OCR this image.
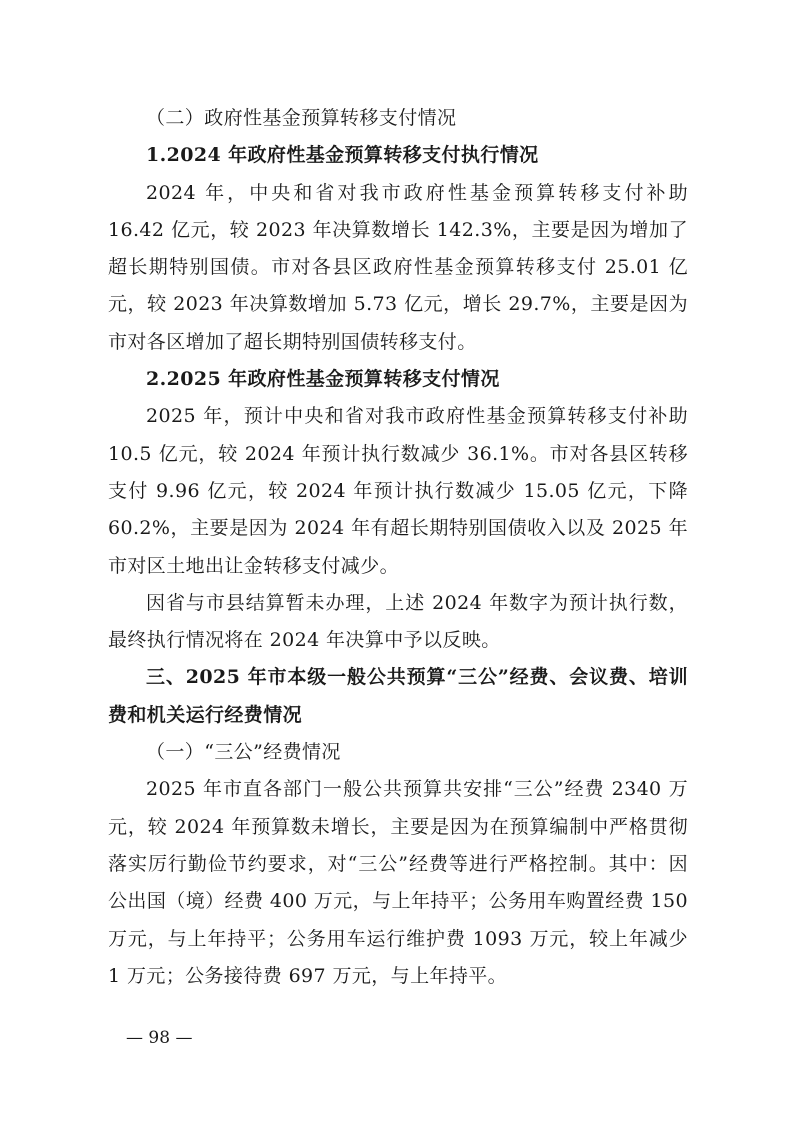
（二）政府性基金预算转移支付情况

1.2024 年政府性基金预算转移支付执行情况

2024 年，中央和省对我市政府性基金预算转移支付补助 16.42 亿元，较 2023 年决算数增长 142.3%，主要是因为增加了超长期特别国债。市对各县区政府性基金预算转移支付 25.01 亿元，较 2023 年决算数增加 5.73 亿元，增长 29.7%，主要是因为市对各区增加了超长期特别国债转移支付。

2.2025 年政府性基金预算转移支付情况

2025 年，预计中央和省对我市政府性基金预算转移支付补助 10.5 亿元，较 2024 年预计执行数减少 36.1%。市对各县区转移支付 9.96 亿元，较 2024 年预计执行数减少 15.05 亿元，下降 60.2%，主要是因为 2024 年有超长期特别国债收入以及 2025 年市对区土地出让金转移支付减少。

因省与市县结算暂未办理，上述 2024 年数字为预计执行数，最终执行情况将在 2024 年决算中予以反映。

三、2025 年市本级一般公共预算“三公”经费、会议费、培训费和机关运行经费情况

（一）“三公”经费情况

2025 年市直各部门一般公共预算共安排“三公”经费 2340 万元，较 2024 年预算数未增长，主要是因为在预算编制中严格贯彻落实厉行勤俭节约要求，对“三公”经费等进行严格控制。其中：因公出国（境）经费 400 万元，与上年持平；公务用车购置经费 150 万元，与上年持平；公务用车运行维护费 1093 万元，较上年减少 1 万元；公务接待费 697 万元，与上年持平。

— 98 —
